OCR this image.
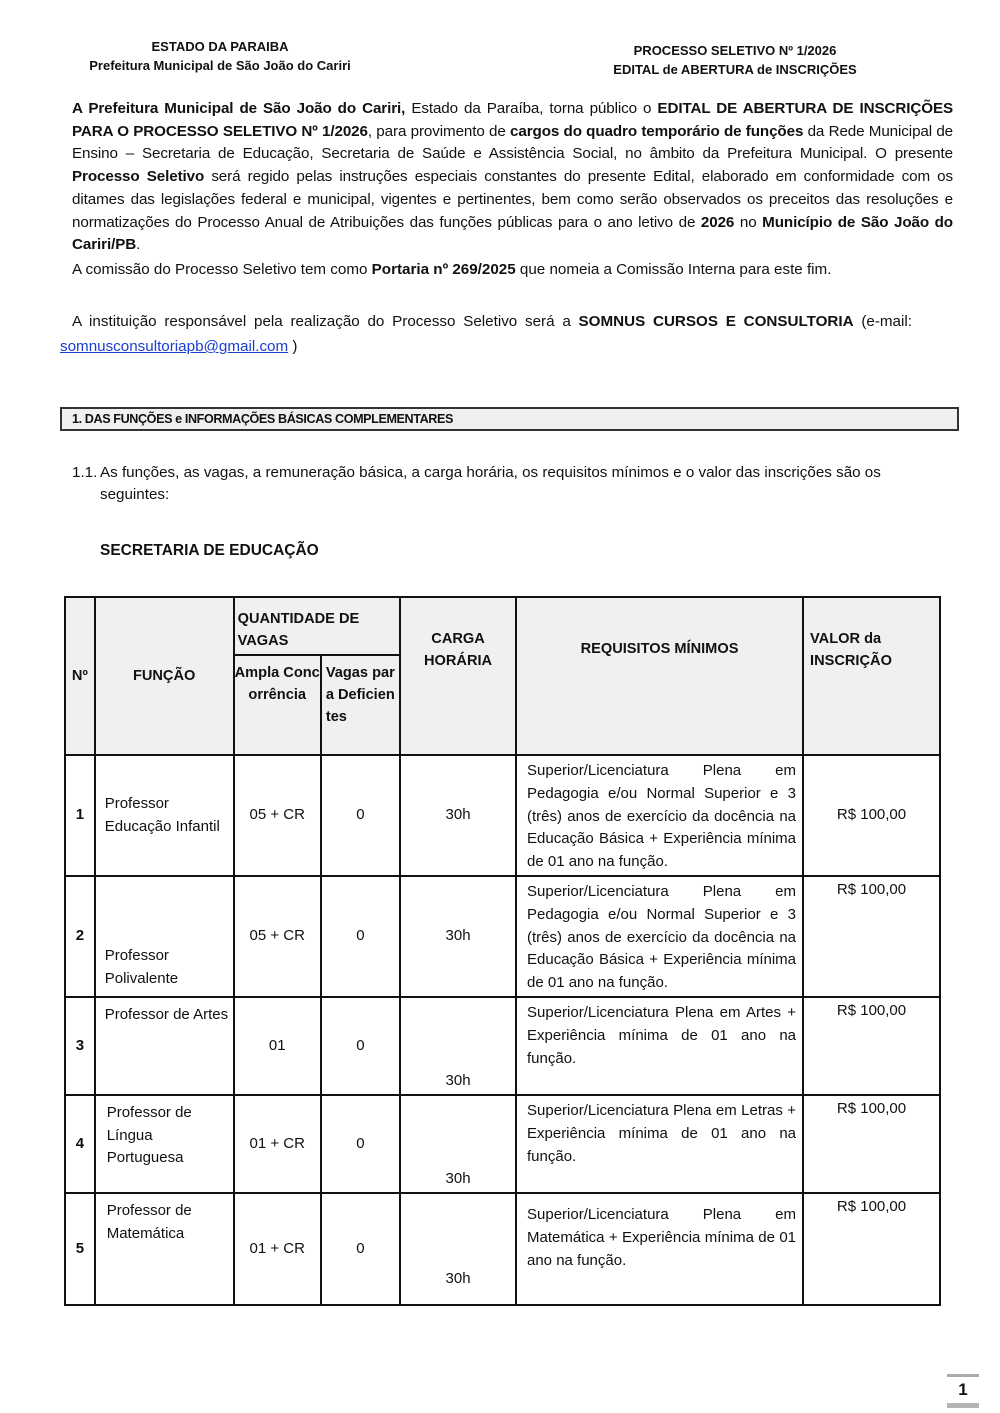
ESTADO DA PARAIBA
Prefeitura Municipal de São João do Cariri
PROCESSO SELETIVO Nº 1/2026
EDITAL de ABERTURA de INSCRIÇÕES
A Prefeitura Municipal de São João do Cariri, Estado da Paraíba, torna público o EDITAL DE ABERTURA DE INSCRIÇÕES PARA O PROCESSO SELETIVO Nº 1/2026, para provimento de cargos do quadro temporário de funções da Rede Municipal de Ensino – Secretaria de Educação, Secretaria de Saúde e Assistência Social, no âmbito da Prefeitura Municipal. O presente Processo Seletivo será regido pelas instruções especiais constantes do presente Edital, elaborado em conformidade com os ditames das legislações federal e municipal, vigentes e pertinentes, bem como serão observados os preceitos das resoluções e normatizações do Processo Anual de Atribuições das funções públicas para o ano letivo de 2026 no Município de São João do Cariri/PB.
A comissão do Processo Seletivo tem como Portaria nº 269/2025 que nomeia a Comissão Interna para este fim.
A instituição responsável pela realização do Processo Seletivo será a SOMNUS CURSOS E CONSULTORIA (e-mail: somnusconsultoriapb@gmail.com )
1. DAS FUNÇÕES e INFORMAÇÕES BÁSICAS COMPLEMENTARES
1.1. As funções, as vagas, a remuneração básica, a carga horária, os requisitos mínimos e o valor das inscrições são os
seguintes:
SECRETARIA DE EDUCAÇÃO
Nº	FUNÇÃO	QUANTIDADE DE VAGAS		CARGA HORÁRIA	REQUISITOS MÍNIMOS	VALOR da INSCRIÇÃO
		Ampla Concorrência	Vagas para Deficientes			
1	Professor Educação Infantil	05 + CR	0	30h	Superior/Licenciatura Plena em Pedagogia e/ou Normal Superior e 3 (três) anos de exercício da docência na Educação Básica + Experiência mínima de 01 ano na função.	R$ 100,00
2	Professor Polivalente	05 + CR	0	30h	Superior/Licenciatura Plena em Pedagogia e/ou Normal Superior e 3 (três) anos de exercício da docência na Educação Básica + Experiência mínima de 01 ano na função.	R$ 100,00
3	Professor de Artes	01	0	30h	Superior/Licenciatura Plena em Artes + Experiência mínima de 01 ano na função.	R$ 100,00
4	Professor de Língua Portuguesa	01 + CR	0	30h	Superior/Licenciatura Plena em Letras + Experiência mínima de 01 ano na função.	R$ 100,00
5	Professor de Matemática	01 + CR	0	30h	Superior/Licenciatura Plena em Matemática + Experiência mínima de 01 ano na função.	R$ 100,00
1
